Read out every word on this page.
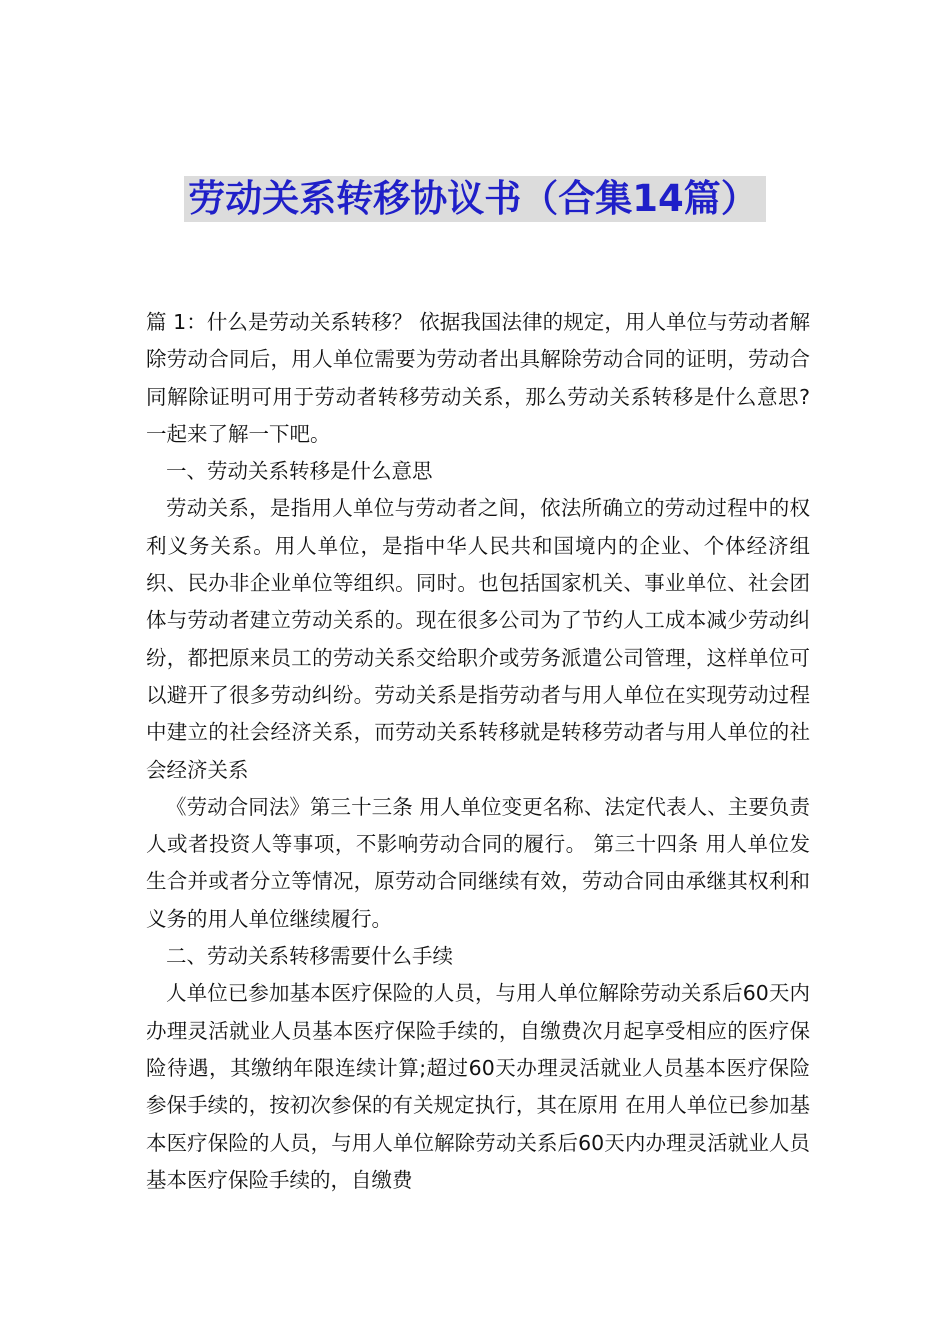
劳动关系转移协议书（合集14篇）

篇 1：什么是劳动关系转移？ 依据我国法律的规定，用人单位与劳动者解除劳动合同后，用人单位需要为劳动者出具解除劳动合同的证明，劳动合同解除证明可用于劳动者转移劳动关系，那么劳动关系转移是什么意思?一起来了解一下吧。

一、劳动关系转移是什么意思

劳动关系，是指用人单位与劳动者之间，依法所确立的劳动过程中的权利义务关系。用人单位，是指中华人民共和国境内的企业、个体经济组织、民办非企业单位等组织。同时。也包括国家机关、事业单位、社会团体与劳动者建立劳动关系的。现在很多公司为了节约人工成本减少劳动纠纷，都把原来员工的劳动关系交给职介或劳务派遣公司管理，这样单位可以避开了很多劳动纠纷。劳动关系是指劳动者与用人单位在实现劳动过程中建立的社会经济关系，而劳动关系转移就是转移劳动者与用人单位的社会经济关系

《劳动合同法》第三十三条 用人单位变更名称、法定代表人、主要负责人或者投资人等事项，不影响劳动合同的履行。 第三十四条 用人单位发生合并或者分立等情况，原劳动合同继续有效，劳动合同由承继其权利和义务的用人单位继续履行。

二、劳动关系转移需要什么手续

人单位已参加基本医疗保险的人员，与用人单位解除劳动关系后60天内办理灵活就业人员基本医疗保险手续的，自缴费次月起享受相应的医疗保险待遇，其缴纳年限连续计算;超过60天办理灵活就业人员基本医疗保险参保手续的，按初次参保的有关规定执行，其在原用 在用人单位已参加基本医疗保险的人员，与用人单位解除劳动关系后60天内办理灵活就业人员基本医疗保险手续的，自缴费
